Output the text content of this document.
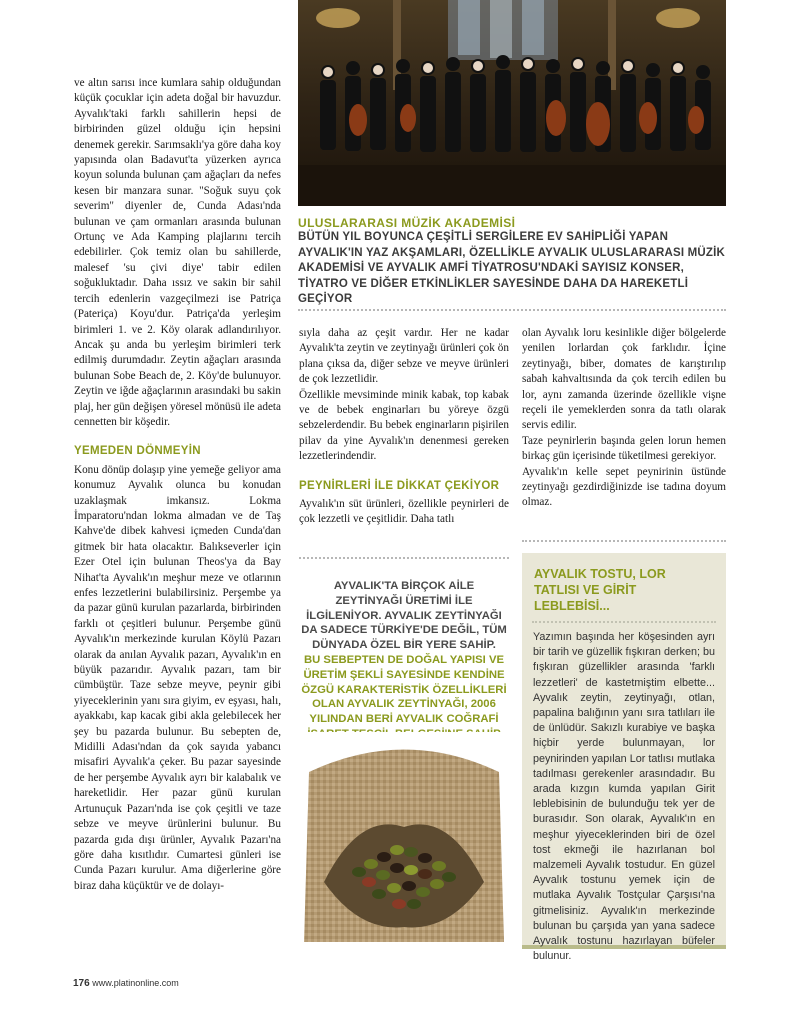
ve altın sarısı ince kumlara sahip olduğundan küçük çocuklar için adeta doğal bir havuzdur. Ayvalık'taki farklı sahillerin hepsi de birbirinden güzel olduğu için hepsini denemek gerekir. Sarımsaklı'ya göre daha koy yapısında olan Badavut'ta yüzerken ayrıca koyun solunda bulunan çam ağaçları da nefes kesen bir manzara sunar. "Soğuk suyu çok severim" diyenler de, Cunda Adası'nda bulunan ve çam ormanları arasında bulunan Ortunç ve Ada Kamping plajlarını tercih edebilirler. Çok temiz olan bu sahillerde, malesef 'su çivi diye' tabir edilen soğukluktadır. Daha ıssız ve sakin bir sahil tercih edenlerin vazgeçilmezi ise Patriça (Pateriça) Koyu'dur. Patriça'da yerleşim birimleri 1. ve 2. Köy olarak adlandırılıyor. Ancak şu anda bu yerleşim birimleri terk edilmiş durumdadır. Zeytin ağaçları arasında bulunan Sobe Beach de, 2. Köy'de bulunuyor. Zeytin ve iğde ağaçlarının arasındaki bu sakin plaj, her gün değişen yöresel mönüsü ile adeta cennetten bir köşedir.

YEMEDEN DÖNMEYİN

Konu dönüp dolaşıp yine yemeğe geliyor ama konumuz Ayvalık olunca bu konudan uzaklaşmak imkansız. Lokma İmparatoru'ndan lokma almadan ve de Taş Kahve'de dibek kahvesi içmeden Cunda'dan gitmek bir hata olacaktır. Balıkseverler için Ezer Otel için bulunan Theos'ya da Bay Nihat'ta Ayvalık'ın meşhur meze ve otlarının enfes lezzetlerini bulabilirsiniz. Perşembe ya da pazar günü kurulan pazarlarda, birbirinden farklı ot çeşitleri bulunur. Perşembe günü Ayvalık'ın merkezinde kurulan Köylü Pazarı olarak da anılan Ayvalık pazarı, Ayvalık'ın en büyük pazarıdır. Ayvalık pazarı, tam bir cümbüştür. Taze sebze meyve, peynir gibi yiyeceklerinin yanı sıra giyim, ev eşyası, halı, ayakkabı, kap kacak gibi akla gelebilecek her şey bu pazarda bulunur. Bu sebepten de, Midilli Adası'ndan da çok sayıda yabancı misafiri Ayvalık'a çeker. Bu pazar sayesinde de her perşembe Ayvalık ayrı bir kalabalık ve hareketlidir. Her pazar günü kurulan Artunuçuk Pazarı'nda ise çok çeşitli ve taze sebze ve meyve ürünlerini bulunur. Bu pazarda gıda dışı ürünler, Ayvalık Pazarı'na göre daha kısıtlıdır. Cumartesi günleri ise Cunda Pazarı kurulur. Ama diğerlerine göre biraz daha küçüktür ve de dolayı-

ULUSLARARASI MÜZİK AKADEMİSİ
BÜTÜN YIL BOYUNCA ÇEŞİTLİ SERGİLERE EV SAHİPLİĞİ YAPAN AYVALIK'IN YAZ AKŞAMLARI, ÖZELLİKLE AYVALIK ULUSLARARASI MÜZİK AKADEMİSİ VE AYVALIK AMFİ TİYATROSU'NDAKİ SAYISIZ KONSER, TİYATRO VE DİĞER ETKİNLİKLER SAYESİNDE DAHA DA HAREKETLİ GEÇİYOR

sıyla daha az çeşit vardır. Her ne kadar Ayvalık'ta zeytin ve zeytinyağı ürünleri çok ön plana çıksa da, diğer sebze ve meyve ürünleri de çok lezzetlidir.

Özellikle mevsiminde minik kabak, top kabak ve de bebek enginarları bu yöreye özgü sebzelerdendir. Bu bebek enginarların pişirilen pilav da yine Ayvalık'ın denenmesi gereken lezzetlerindendir.

PEYNİRLERİ İLE DİKKAT ÇEKİYOR

Ayvalık'ın süt ürünleri, özellikle peynirleri de çok lezzetli ve çeşitlidir. Daha tatlı

AYVALIK'TA BİRÇOK AİLE ZEYTİNYAĞI ÜRETİMİ İLE İLGİLENİYOR. AYVALIK ZEYTİNYAĞI DA SADECE TÜRKİYE'DE DEĞİL, TÜM DÜNYADA ÖZEL BİR YERE SAHİP.
BU SEBEPTEN DE DOĞAL YAPISI VE ÜRETİM ŞEKLİ SAYESİNDE KENDİNE ÖZGÜ KARAKTERİSTİK ÖZELLİKLERİ OLAN AYVALIK ZEYTİNYAĞI, 2006 YILINDAN BERİ AYVALIK COĞRAFİ

olan Ayvalık loru kesinlikle diğer bölgelerde yenilen lorlardan çok farklıdır. İçine zeytinyağı, biber, domates de karıştırılıp sabah kahvaltısında da çok tercih edilen bu lor, aynı zamanda üzerinde özellikle vişne reçeli ile yemeklerden sonra da tatlı olarak servis edilir.

Taze peynirlerin başında gelen lorun hemen birkaç gün içerisinde tüketilmesi gerekiyor.

Ayvalık'ın kelle sepet peynirinin üstünde zeytinyağı gezdirdiğinizde ise tadına doyum olmaz.

AYVALIK TOSTU, LOR TATLISI VE GİRİT LEBLEBİSİ...
Yazımın başında her köşesinden ayrı bir tarih ve güzellik fışkıran derken; bu fışkıran güzellikler arasında 'farklı lezzetleri' de kastetmiştim elbette... Ayvalık zeytin, zeytinyağı, otlan, papalina balığının yanı sıra tatlıları ile de ünlüdür. Sakızlı kurabiye ve başka hiçbir yerde bulunmayan, lor peynirinden yapılan Lor tatlısı mutlaka tadılması gerekenler arasındadır. Bu arada kızgın kumda yapılan Girit leblebisinin de bulunduğu tek yer de burasıdır. Son olarak, Ayvalık'ın en meşhur yiyeceklerinden biri de özel tost ekmeği ile hazırlanan bol malzemeli Ayvalık tostudur. En güzel Ayvalık tostunu yemek için de mutlaka Ayvalık Tostçular Çarşısı'na gitmelisiniz. Ayvalık'ın merkezinde bulunan bu çarşıda yan yana sadece Ayvalık tostunu hazırlayan büfeler bulunur.
176 www.platinonline.com
